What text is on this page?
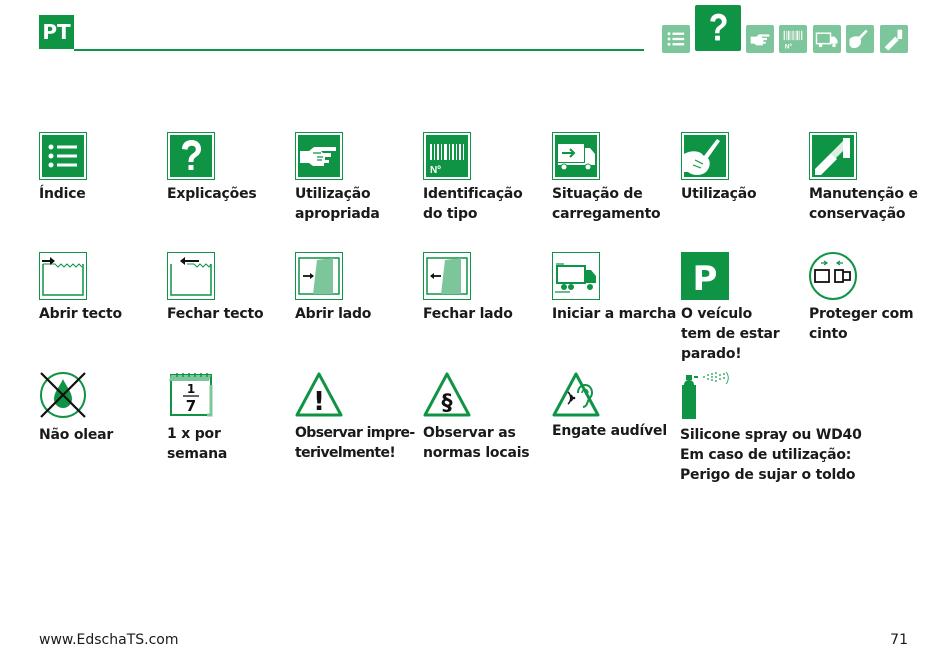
PT
Nº
Índice	Explicações	Utilização
apropriada
Nº
Identificação
do tipo
Situação de
carregamento
Utilização	Manutenção e
conservação
Abrir tecto	Fechar tecto Abrir lado	Fechar lado	Iniciar a marcha
P
O veículo
tem de estar
parado!
Proteger com
cinto
Não olear
1
7
1 x por
semana
!
Observar impre-
terivelmente!
§
Observar as
normas locais
Engate audível Silicone spray ou WD40
Em caso de utilização:
Perigo de sujar o toldo
www.EdschaTS.com	71
